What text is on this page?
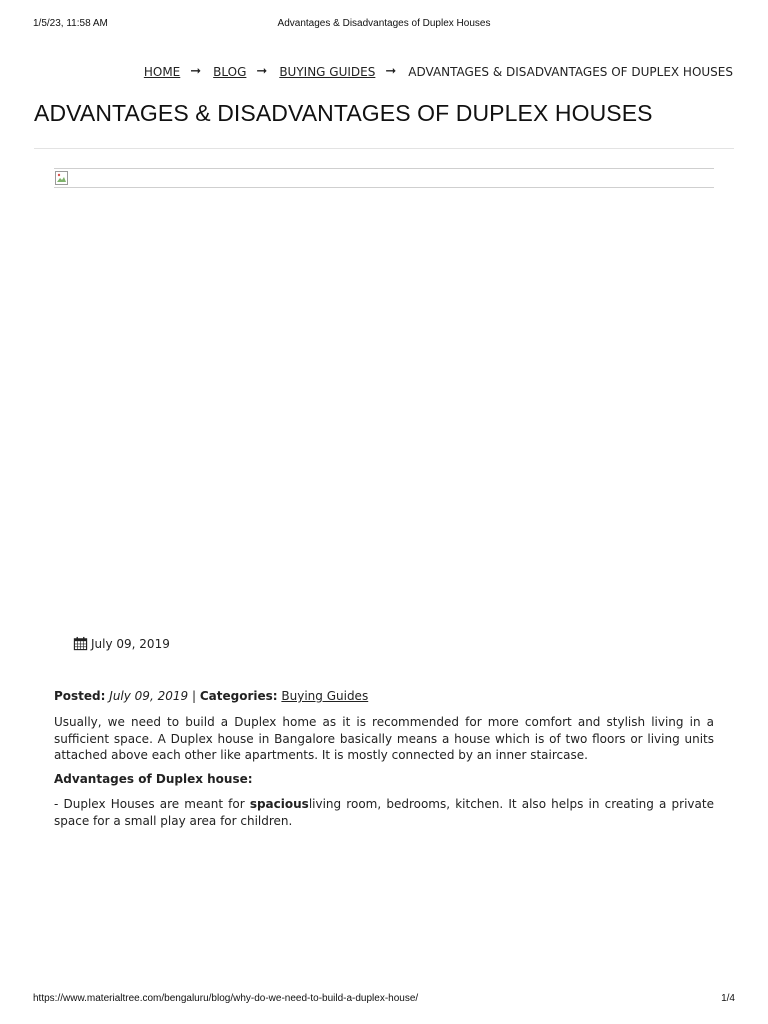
1/5/23, 11:58 AM	Advantages & Disadvantages of Duplex Houses
HOME ➞ BLOG ➞ BUYING GUIDES ➞ ADVANTAGES & DISADVANTAGES OF DUPLEX HOUSES
ADVANTAGES & DISADVANTAGES OF DUPLEX HOUSES
July 09, 2019
Posted: July 09, 2019 | Categories: Buying Guides

Usually, we need to build a Duplex home as it is recommended for more comfort and stylish living in a sufficient space. A Duplex house in Bangalore basically means a house which is of two floors or living units attached above each other like apartments. It is mostly connected by an inner staircase.

Advantages of Duplex house:

- Duplex Houses are meant for spaciousliving room, bedrooms, kitchen. It also helps in creating a private space for a small play area for children.

https://www.materialtree.com/bengaluru/blog/why-do-we-need-to-build-a-duplex-house/	1/4
